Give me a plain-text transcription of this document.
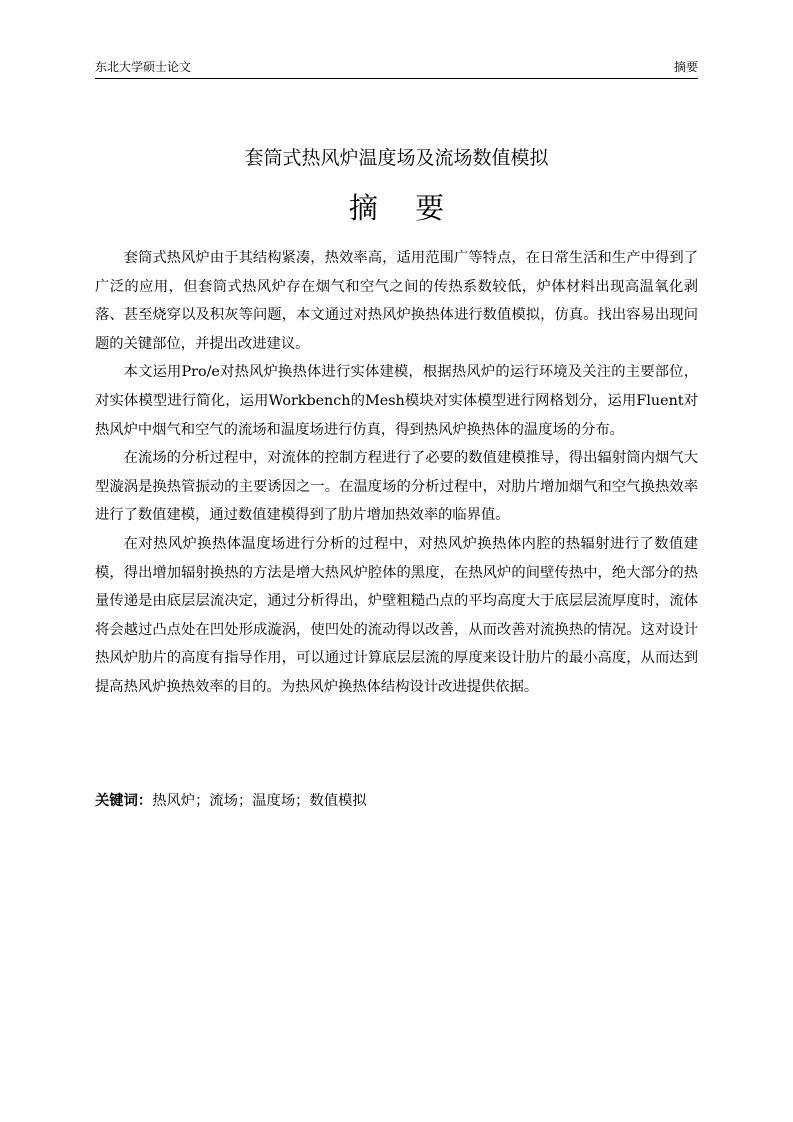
东北大学硕士论文	摘要
套筒式热风炉温度场及流场数值模拟
摘 要

套筒式热风炉由于其结构紧凑，热效率高，适用范围广等特点，在日常生活和生产中得到了广泛的应用，但套筒式热风炉存在烟气和空气之间的传热系数较低，炉体材料出现高温氧化剥落、甚至烧穿以及积灰等问题，本文通过对热风炉换热体进行数值模拟，仿真。找出容易出现问题的关键部位，并提出改进建议。

本文运用Pro/e对热风炉换热体进行实体建模，根据热风炉的运行环境及关注的主要部位，对实体模型进行简化，运用Workbench的Mesh模块对实体模型进行网格划分，运用Fluent对热风炉中烟气和空气的流场和温度场进行仿真，得到热风炉换热体的温度场的分布。

在流场的分析过程中，对流体的控制方程进行了必要的数值建模推导，得出辐射筒内烟气大型漩涡是换热管振动的主要诱因之一。在温度场的分析过程中，对肋片增加烟气和空气换热效率进行了数值建模，通过数值建模得到了肋片增加热效率的临界值。

在对热风炉换热体温度场进行分析的过程中，对热风炉换热体内腔的热辐射进行了数值建模，得出增加辐射换热的方法是增大热风炉腔体的黑度，在热风炉的间壁传热中，绝大部分的热量传递是由底层层流决定，通过分析得出，炉壁粗糙凸点的平均高度大于底层层流厚度时，流体将会越过凸点处在凹处形成漩涡，使凹处的流动得以改善，从而改善对流换热的情况。这对设计热风炉肋片的高度有指导作用，可以通过计算底层层流的厚度来设计肋片的最小高度，从而达到提高热风炉换热效率的目的。为热风炉换热体结构设计改进提供依据。

关键词：热风炉；流场；温度场；数值模拟
